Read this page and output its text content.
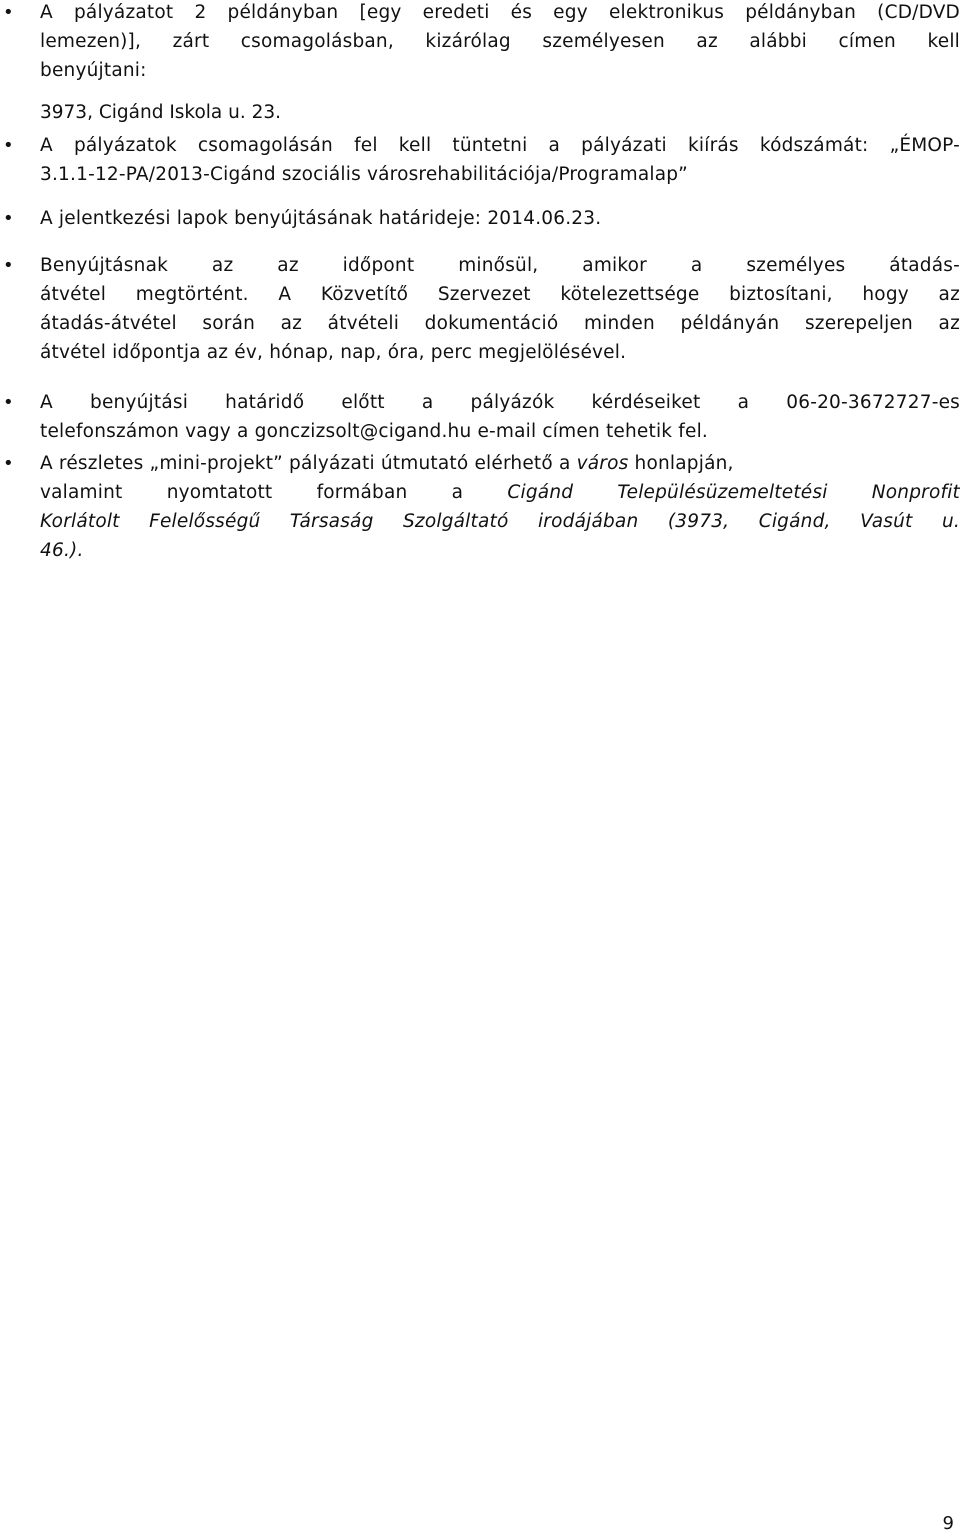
• A pályázatot 2 példányban [egy eredeti és egy elektronikus példányban (CD/DVD
lemezen)], zárt csomagolásban, kizárólag személyesen az alábbi címen kell
benyújtani:
3973, Cigánd Iskola u. 23.
• A pályázatok csomagolásán fel kell tüntetni a pályázati kiírás kódszámát: „ÉMOP-
3.1.1-12-PA/2013-Cigánd szociális városrehabilitációja/Programalap”
• A jelentkezési lapok benyújtásának határideje: 2014.06.23.
• Benyújtásnak az az időpont minősül, amikor a személyes átadás-
átvétel megtörtént. A Közvetítő Szervezet kötelezettsége biztosítani, hogy az
átadás-átvétel során az átvételi dokumentáció minden példányán szerepeljen az
átvétel időpontja az év, hónap, nap, óra, perc megjelölésével.
• A benyújtási határidő előtt a pályázók kérdéseiket a 06-20-3672727-es
telefonszámon vagy a gonczizsolt@cigand.hu e-mail címen tehetik fel.
• A részletes „mini-projekt” pályázati útmutató elérhető a város honlapján,
valamint nyomtatott formában a Cigánd Településüzemeltetési Nonprofit
Korlátolt Felelősségű Társaság Szolgáltató irodájában (3973, Cigánd, Vasút u.
46.).
9
